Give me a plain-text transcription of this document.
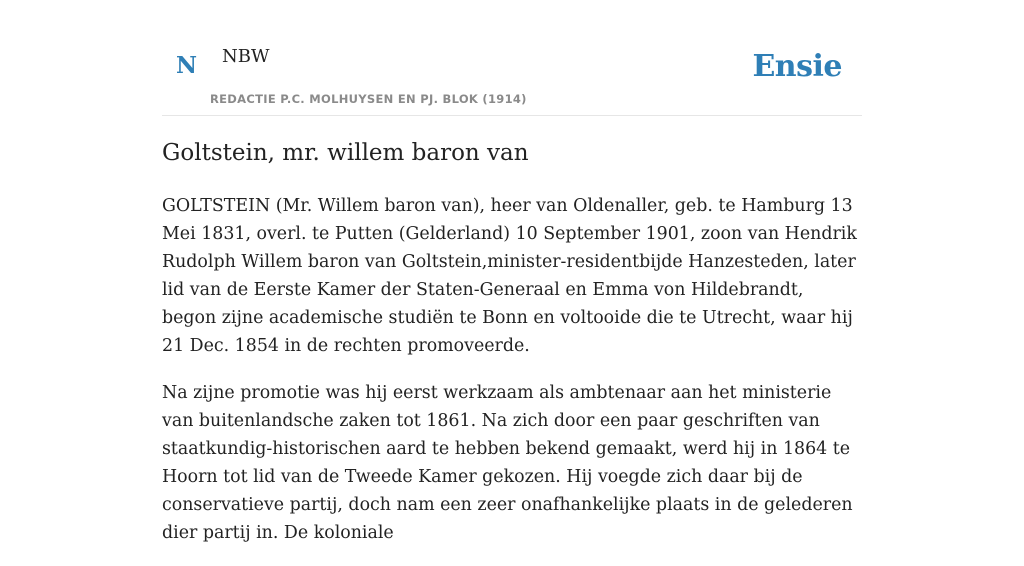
N NBW
REDACTIE P.C. MOLHUYSEN EN PJ. BLOK (1914)
Ensie
Goltstein, mr. willem baron van

GOLTSTEIN (Mr. Willem baron van), heer van Oldenaller, geb. te Hamburg 13 Mei 1831, overl. te Putten (Gelderland) 10 September 1901, zoon van Hendrik Rudolph Willem baron van Goltstein,minister-residentbijde Hanzesteden, later lid van de Eerste Kamer der Staten-Generaal en Emma von Hildebrandt, begon zijne academische studiën te Bonn en voltooide die te Utrecht, waar hij 21 Dec. 1854 in de rechten promoveerde.

Na zijne promotie was hij eerst werkzaam als ambtenaar aan het ministerie van buitenlandsche zaken tot 1861. Na zich door een paar geschriften van staatkundig-historischen aard te hebben bekend gemaakt, werd hij in 1864 te Hoorn tot lid van de Tweede Kamer gekozen. Hij voegde zich daar bij de conservatieve partij, doch nam een zeer onafhankelijke plaats in de gelederen dier partij in. De koloniale
